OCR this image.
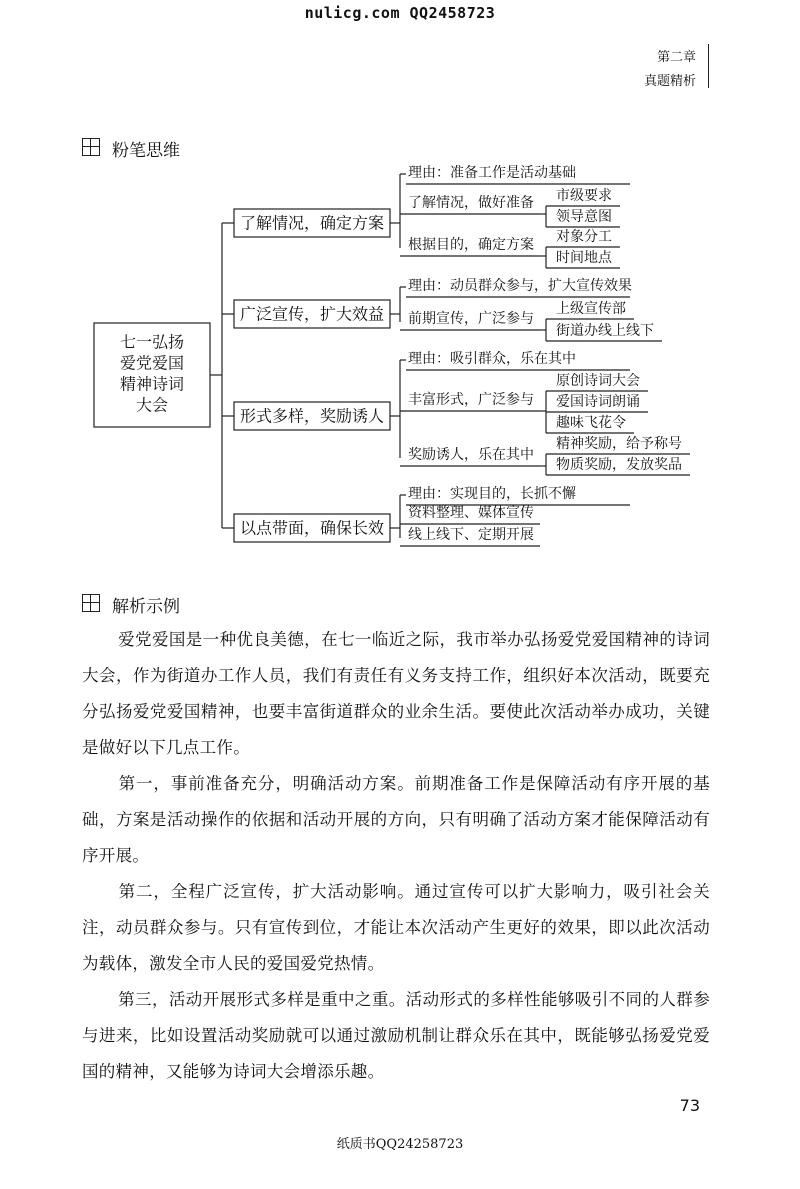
nulicg.com QQ2458723
第二章
真题精析
粉笔思维
七一弘扬
爱党爱国
精神诗词
大会
了解情况，确定方案
理由：准备工作是活动基础
了解情况，做好准备 市级要求
领导意图
根据目的，确定方案 对象分工
时间地点
广泛宣传，扩大效益
理由：动员群众参与，扩大宣传效果
前期宣传，广泛参与
上级宣传部
街道办线上线下
形式多样，奖励诱人
理由：吸引群众，乐在其中
丰富形式，广泛参与
原创诗词大会
爱国诗词朗诵
趣味飞花令
奖励诱人，乐在其中
精神奖励，给予称号
物质奖励，发放奖品
以点带面，确保长效
理由：实现目的，长抓不懈
资料整理、媒体宣传
线上线下、定期开展
解析示例
爱党爱国是一种优良美德，在七一临近之际，我市举办弘扬爱党爱国精神的诗词大会，作为街道办工作人员，我们有责任有义务支持工作，组织好本次活动，既要充分弘扬爱党爱国精神，也要丰富街道群众的业余生活。要使此次活动举办成功，关键是做好以下几点工作。
第一，事前准备充分，明确活动方案。前期准备工作是保障活动有序开展的基础，方案是活动操作的依据和活动开展的方向，只有明确了活动方案才能保障活动有序开展。
第二，全程广泛宣传，扩大活动影响。通过宣传可以扩大影响力，吸引社会关注，动员群众参与。只有宣传到位，才能让本次活动产生更好的效果，即以此次活动为载体，激发全市人民的爱国爱党热情。
第三，活动开展形式多样是重中之重。活动形式的多样性能够吸引不同的人群参与进来，比如设置活动奖励就可以通过激励机制让群众乐在其中，既能够弘扬爱党爱国的精神，又能够为诗词大会增添乐趣。
73
纸质书QQ24258723
